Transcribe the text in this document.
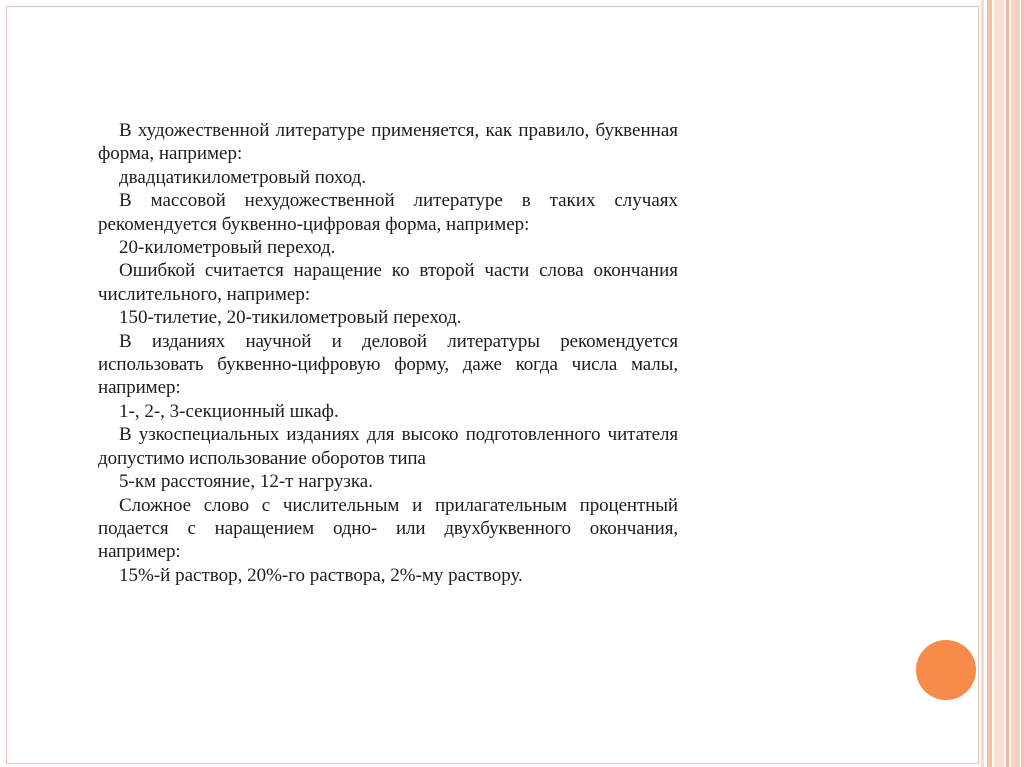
В художественной литературе применяется, как правило, буквенная форма, например:

двадцатикилометровый поход.

В массовой нехудожественной литературе в таких случаях рекомендуется буквенно-цифровая форма, например:

20-километровый переход.

Ошибкой считается наращение ко второй части слова окончания числительного, например:

150-тилетие, 20-тикилометровый переход.

В изданиях научной и деловой литературы рекомендуется использовать буквенно-цифровую форму, даже когда числа малы, например:

1-, 2-, 3-секционный шкаф.

В узкоспециальных изданиях для высоко подготовленного читателя допустимо использование оборотов типа

5-км расстояние, 12-т нагрузка.

Сложное слово с числительным и прилагательным процентный подается с наращением одно- или двухбуквенного окончания, например:

15%-й раствор, 20%-го раствора, 2%-му раствору.
